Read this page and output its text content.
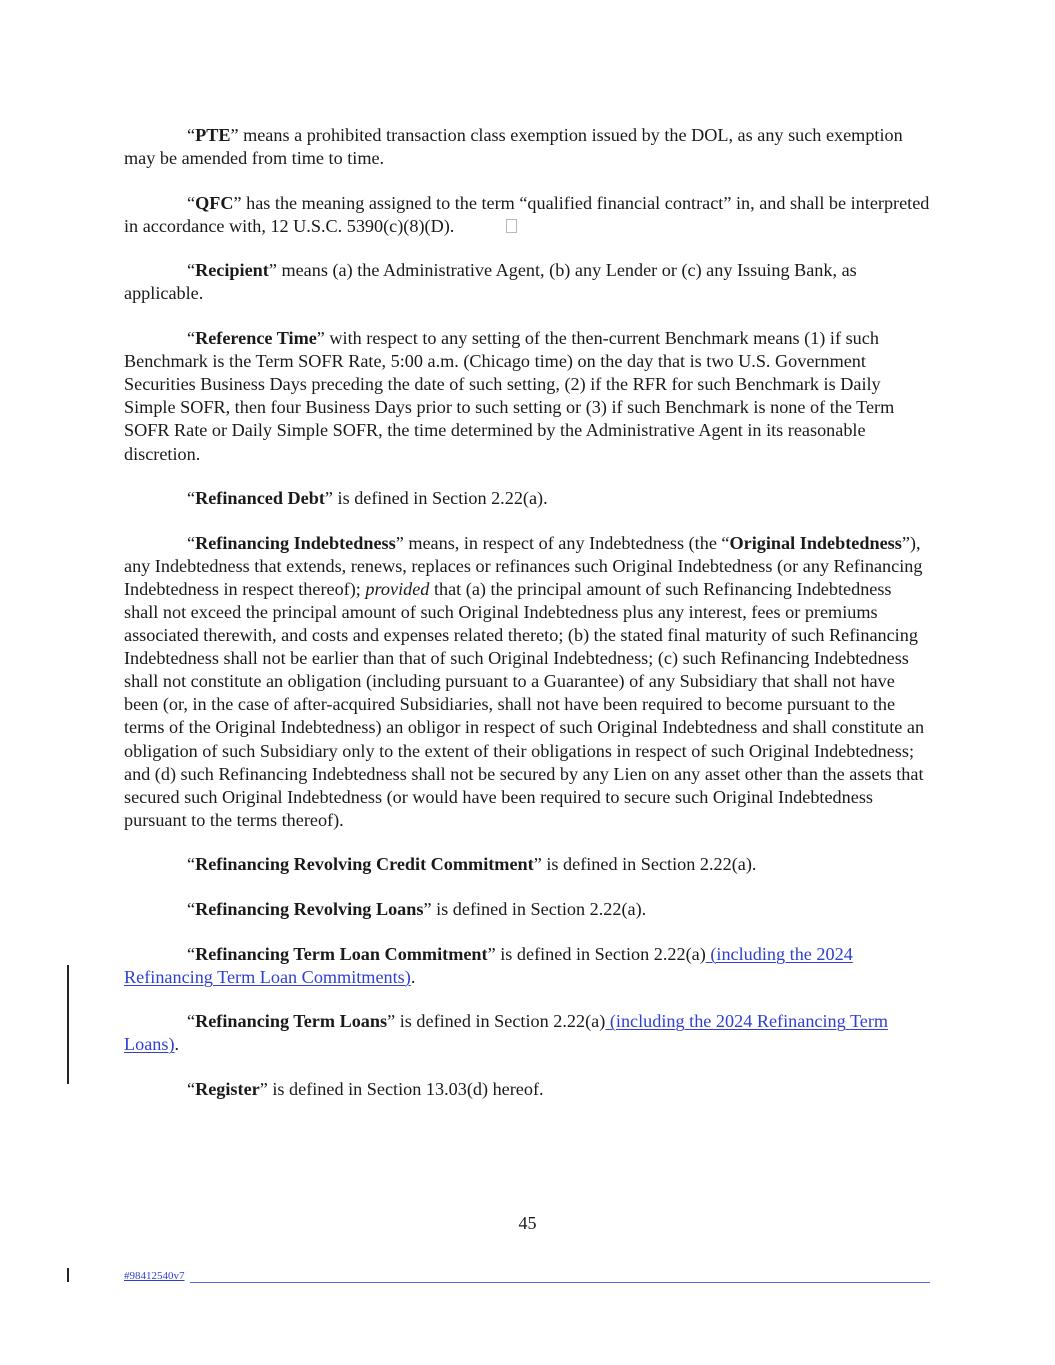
“PTE” means a prohibited transaction class exemption issued by the DOL, as any such exemption may be amended from time to time.

“QFC” has the meaning assigned to the term “qualified financial contract” in, and shall be interpreted in accordance with, 12 U.S.C. 5390(c)(8)(D).

“Recipient” means (a) the Administrative Agent, (b) any Lender or (c) any Issuing Bank, as applicable.

“Reference Time” with respect to any setting of the then-current Benchmark means (1) if such Benchmark is the Term SOFR Rate, 5:00 a.m. (Chicago time) on the day that is two U.S. Government Securities Business Days preceding the date of such setting, (2) if the RFR for such Benchmark is Daily Simple SOFR, then four Business Days prior to such setting or (3) if such Benchmark is none of the Term SOFR Rate or Daily Simple SOFR, the time determined by the Administrative Agent in its reasonable discretion.

“Refinanced Debt” is defined in Section 2.22(a).

“Refinancing Indebtedness” means, in respect of any Indebtedness (the “Original Indebtedness”), any Indebtedness that extends, renews, replaces or refinances such Original Indebtedness (or any Refinancing Indebtedness in respect thereof); provided that (a) the principal amount of such Refinancing Indebtedness shall not exceed the principal amount of such Original Indebtedness plus any interest, fees or premiums associated therewith, and costs and expenses related thereto; (b) the stated final maturity of such Refinancing Indebtedness shall not be earlier than that of such Original Indebtedness; (c) such Refinancing Indebtedness shall not constitute an obligation (including pursuant to a Guarantee) of any Subsidiary that shall not have been (or, in the case of after-acquired Subsidiaries, shall not have been required to become pursuant to the terms of the Original Indebtedness) an obligor in respect of such Original Indebtedness and shall constitute an obligation of such Subsidiary only to the extent of their obligations in respect of such Original Indebtedness; and (d) such Refinancing Indebtedness shall not be secured by any Lien on any asset other than the assets that secured such Original Indebtedness (or would have been required to secure such Original Indebtedness pursuant to the terms thereof).

“Refinancing Revolving Credit Commitment” is defined in Section 2.22(a).

“Refinancing Revolving Loans” is defined in Section 2.22(a).

“Refinancing Term Loan Commitment” is defined in Section 2.22(a) (including the 2024 Refinancing Term Loan Commitments).

“Refinancing Term Loans” is defined in Section 2.22(a) (including the 2024 Refinancing Term Loans).

“Register” is defined in Section 13.03(d) hereof.

45
#98412540v7
